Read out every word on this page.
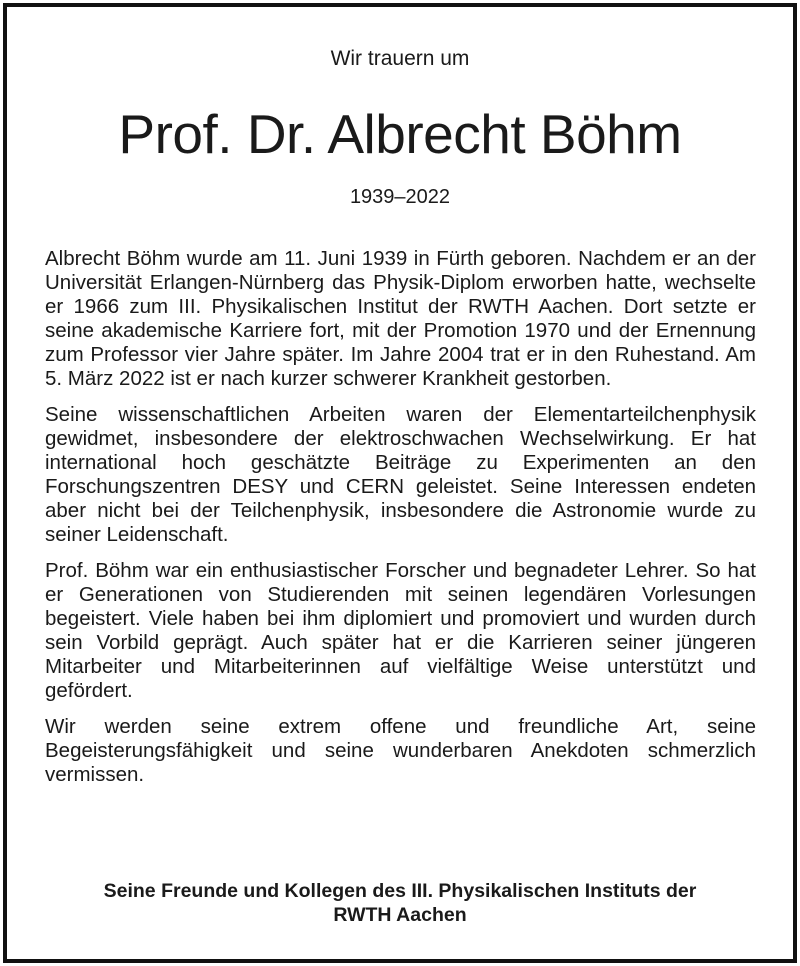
Wir trauern um

Prof. Dr. Albrecht Böhm

1939–2022

Albrecht Böhm wurde am 11. Juni 1939 in Fürth geboren. Nachdem er an der Universität Erlangen-Nürnberg das Physik-Diplom erworben hatte, wechselte er 1966 zum III. Physikalischen Institut der RWTH Aachen. Dort setzte er seine akademische Karriere fort, mit der Promotion 1970 und der Ernennung zum Professor vier Jahre später. Im Jahre 2004 trat er in den Ruhestand. Am 5. März 2022 ist er nach kurzer schwerer Krankheit gestorben.

Seine wissenschaftlichen Arbeiten waren der Elementarteilchenphysik gewidmet, insbesondere der elektroschwachen Wechselwirkung. Er hat international hoch geschätzte Beiträge zu Experimenten an den Forschungszentren DESY und CERN geleistet. Seine Interessen endeten aber nicht bei der Teilchenphysik, insbesondere die Astronomie wurde zu seiner Leidenschaft.

Prof. Böhm war ein enthusiastischer Forscher und begnadeter Lehrer. So hat er Generationen von Studierenden mit seinen legendären Vorlesungen begeistert. Viele haben bei ihm diplomiert und promoviert und wurden durch sein Vorbild geprägt. Auch später hat er die Karrieren seiner jüngeren Mitarbeiter und Mitarbeiterinnen auf vielfältige Weise unterstützt und gefördert.

Wir werden seine extrem offene und freundliche Art, seine Begeisterungsfähigkeit und seine wunderbaren Anekdoten schmerzlich vermissen.

Seine Freunde und Kollegen des III. Physikalischen Instituts der
RWTH Aachen
